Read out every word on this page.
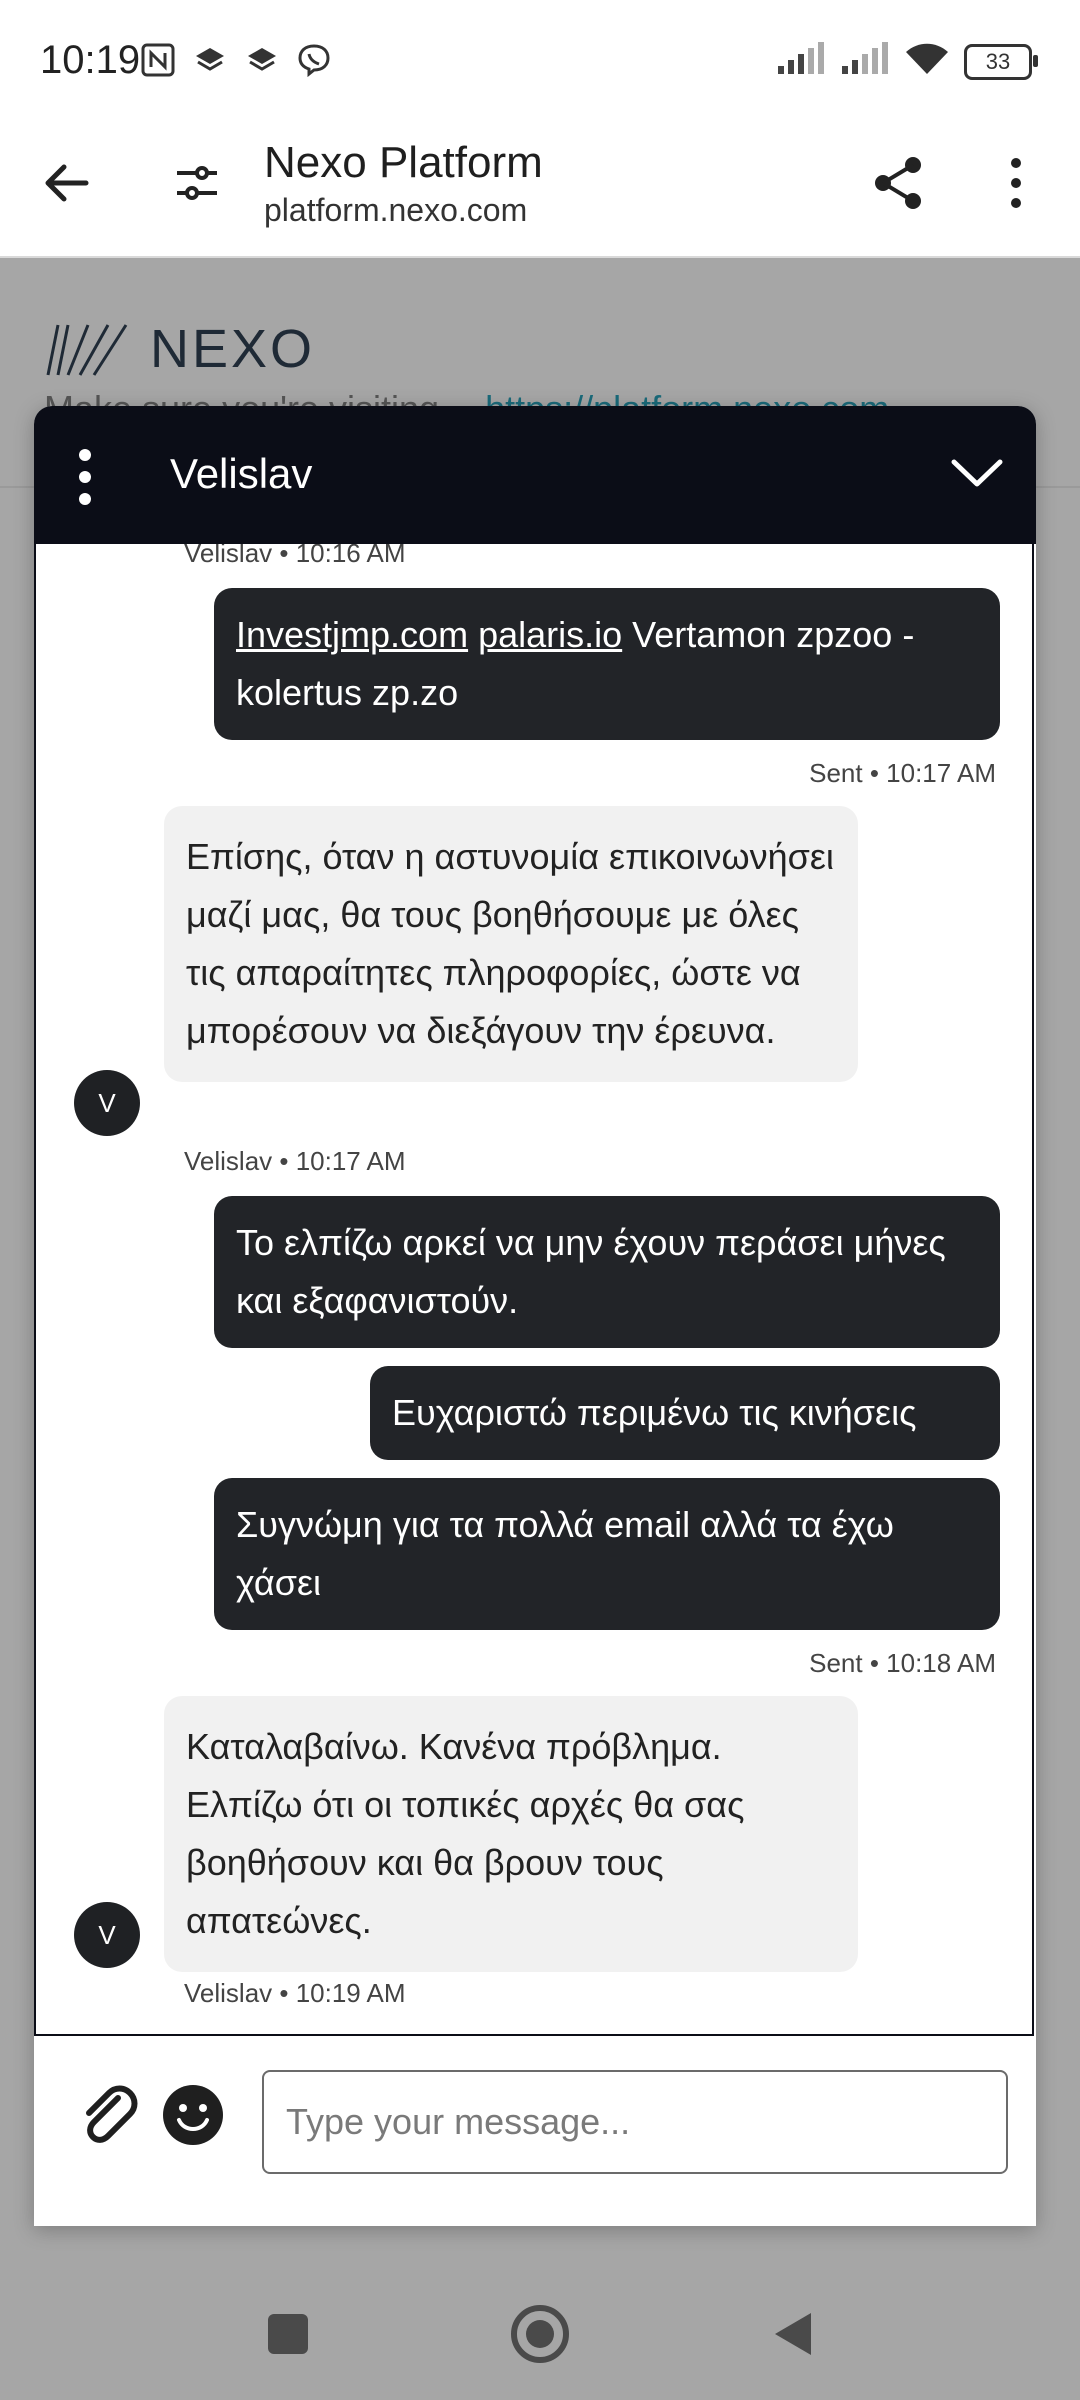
10:19	33
Nexo Platform
platform.nexo.com
NEXO
Velislav
Velislav • 10:16 AM
Investjmp.com palaris.io Vertamon zpzoo - kolertus zp.zo
Sent • 10:17 AM
Επίσης, όταν η αστυνομία επικοινωνήσει μαζί μας, θα τους βοηθήσουμε με όλες τις απαραίτητες πληροφορίες, ώστε να μπορέσουν να διεξάγουν την έρευνα.
V
Velislav • 10:17 AM
Το ελπίζω αρκεί να μην έχουν περάσει μήνες και εξαφανιστούν.
Ευχαριστώ περιμένω τις κινήσεις
Συγνώμη για τα πολλά email αλλά τα έχω χάσει
Sent • 10:18 AM
Καταλαβαίνω. Κανένα πρόβλημα. Ελπίζω ότι οι τοπικές αρχές θα σας βοηθήσουν και θα βρουν τους απατεώνες.
V
Velislav • 10:19 AM
Type your message...
